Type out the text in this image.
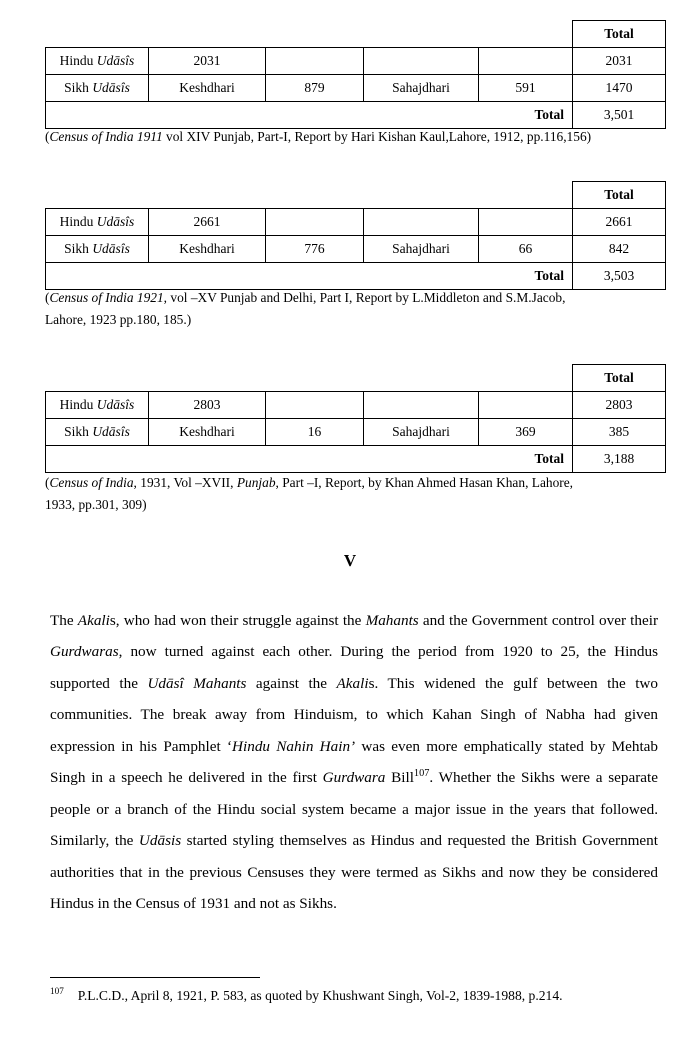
					Total
Hindu Udāsîs	2031				2031
Sikh Udāsîs	Keshdhari	879	Sahajdhari	591	1470
Total					3,501
(Census of India 1911 vol XIV Punjab, Part-I, Report by Hari Kishan Kaul,Lahore, 1912, pp.116,156)
					Total
Hindu Udāsîs	2661				2661
Sikh Udāsîs	Keshdhari	776	Sahajdhari	66	842
Total					3,503
(Census of India 1921, vol –XV Punjab and Delhi, Part I, Report by L.Middleton and S.M.Jacob,
Lahore, 1923 pp.180, 185.)
					Total
Hindu Udāsîs	2803				2803
Sikh Udāsîs	Keshdhari	16	Sahajdhari	369	385
Total					3,188
(Census of India, 1931, Vol –XVII, Punjab, Part –I, Report, by Khan Ahmed Hasan Khan, Lahore,
1933, pp.301, 309)
V
The Akalis, who had won their struggle against the Mahants and the Government control over their Gurdwaras, now turned against each other. During the period from 1920 to 25, the Hindus supported the Udāsî Mahants against the Akalis. This widened the gulf between the two communities. The break away from Hinduism, to which Kahan Singh of Nabha had given expression in his Pamphlet ‘Hindu Nahin Hain’ was even more emphatically stated by Mehtab Singh in a speech he delivered in the first Gurdwara Bill$^{107}$. Whether the Sikhs were a separate people or a branch of the Hindu social system became a major issue in the years that followed. Similarly, the Udāsis started styling themselves as Hindus and requested the British Government authorities that in the previous Censuses they were termed as Sikhs and now they be considered Hindus in the Census of 1931 and not as Sikhs.
$^{107}$ P.L.C.D., April 8, 1921, P. 583, as quoted by Khushwant Singh, Vol-2, 1839-1988, p.214.
